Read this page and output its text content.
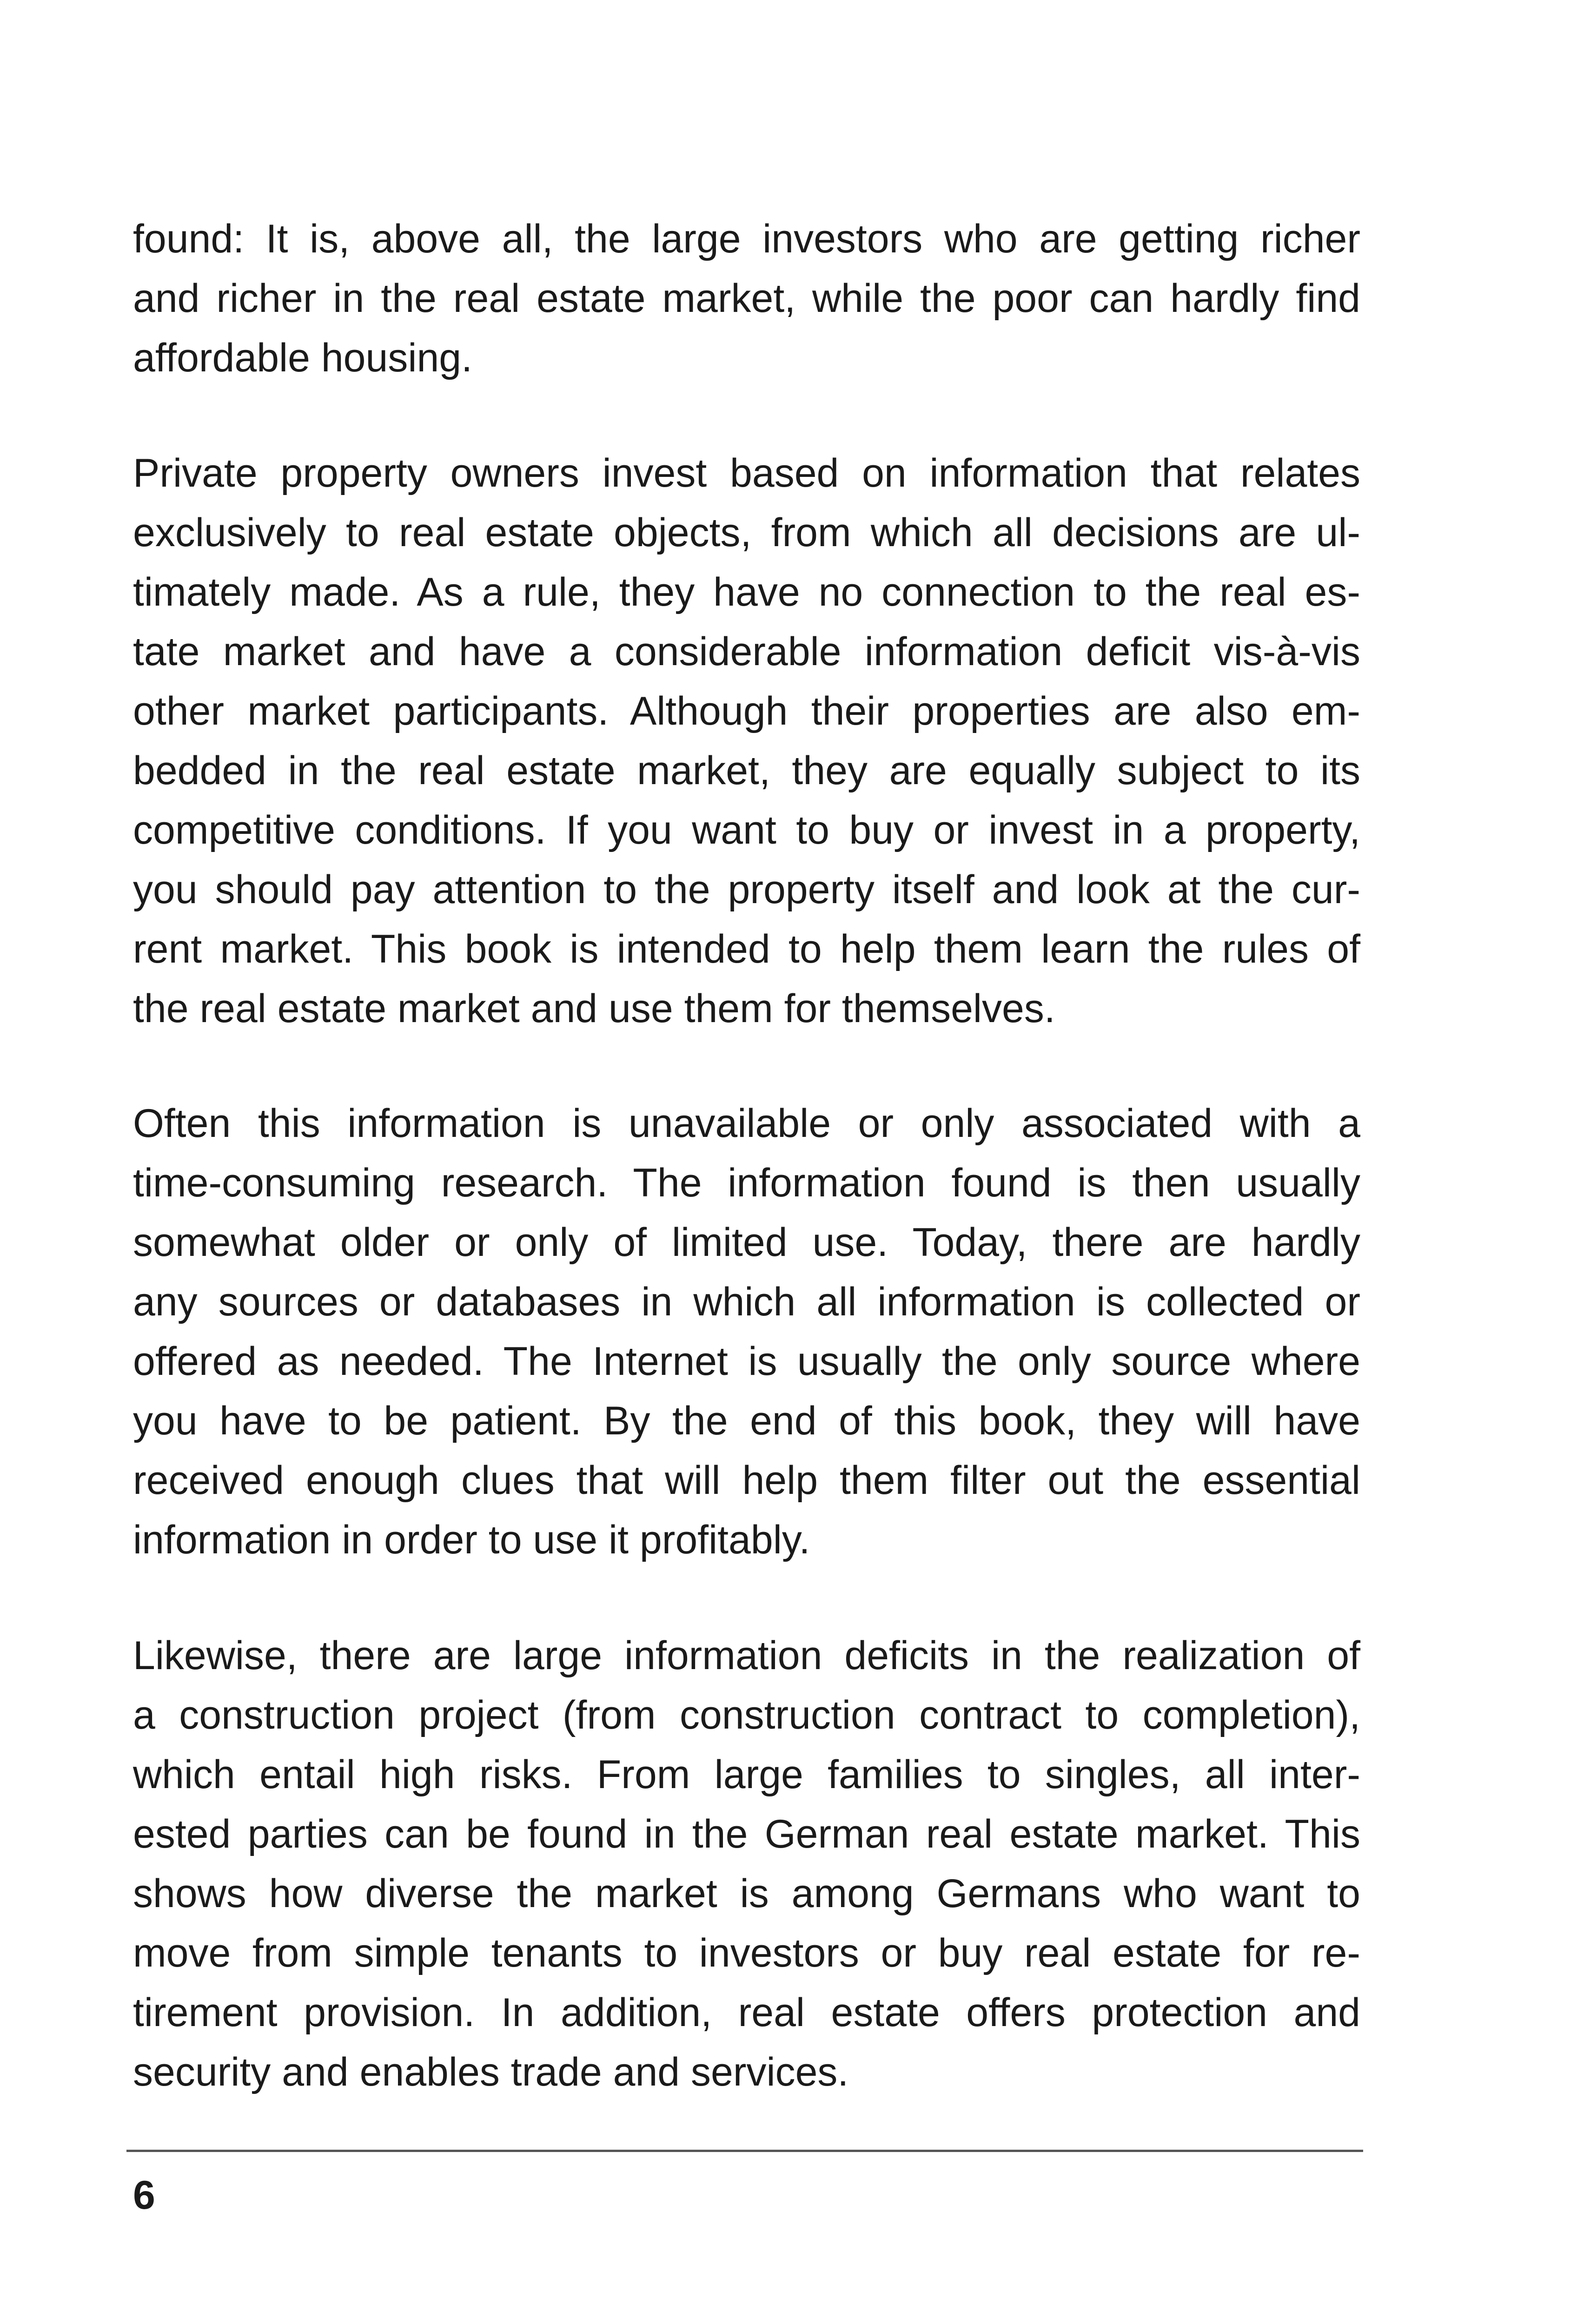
found: It is, above all, the large investors who are getting richer
and richer in the real estate market, while the poor can hardly find
affordable housing.
Private property owners invest based on information that relates
exclusively to real estate objects, from which all decisions are ul-
timately made. As a rule, they have no connection to the real es-
tate market and have a considerable information deficit vis-à-vis
other market participants. Although their properties are also em-
bedded in the real estate market, they are equally subject to its
competitive conditions. If you want to buy or invest in a property,
you should pay attention to the property itself and look at the cur-
rent market. This book is intended to help them learn the rules of
the real estate market and use them for themselves.
Often this information is unavailable or only associated with a
time-consuming research. The information found is then usually
somewhat older or only of limited use. Today, there are hardly
any sources or databases in which all information is collected or
offered as needed. The Internet is usually the only source where
you have to be patient. By the end of this book, they will have
received enough clues that will help them filter out the essential
information in order to use it profitably.
Likewise, there are large information deficits in the realization of
a construction project (from construction contract to completion),
which entail high risks. From large families to singles, all inter-
ested parties can be found in the German real estate market. This
shows how diverse the market is among Germans who want to
move from simple tenants to investors or buy real estate for re-
tirement provision. In addition, real estate offers protection and
security and enables trade and services.
6
